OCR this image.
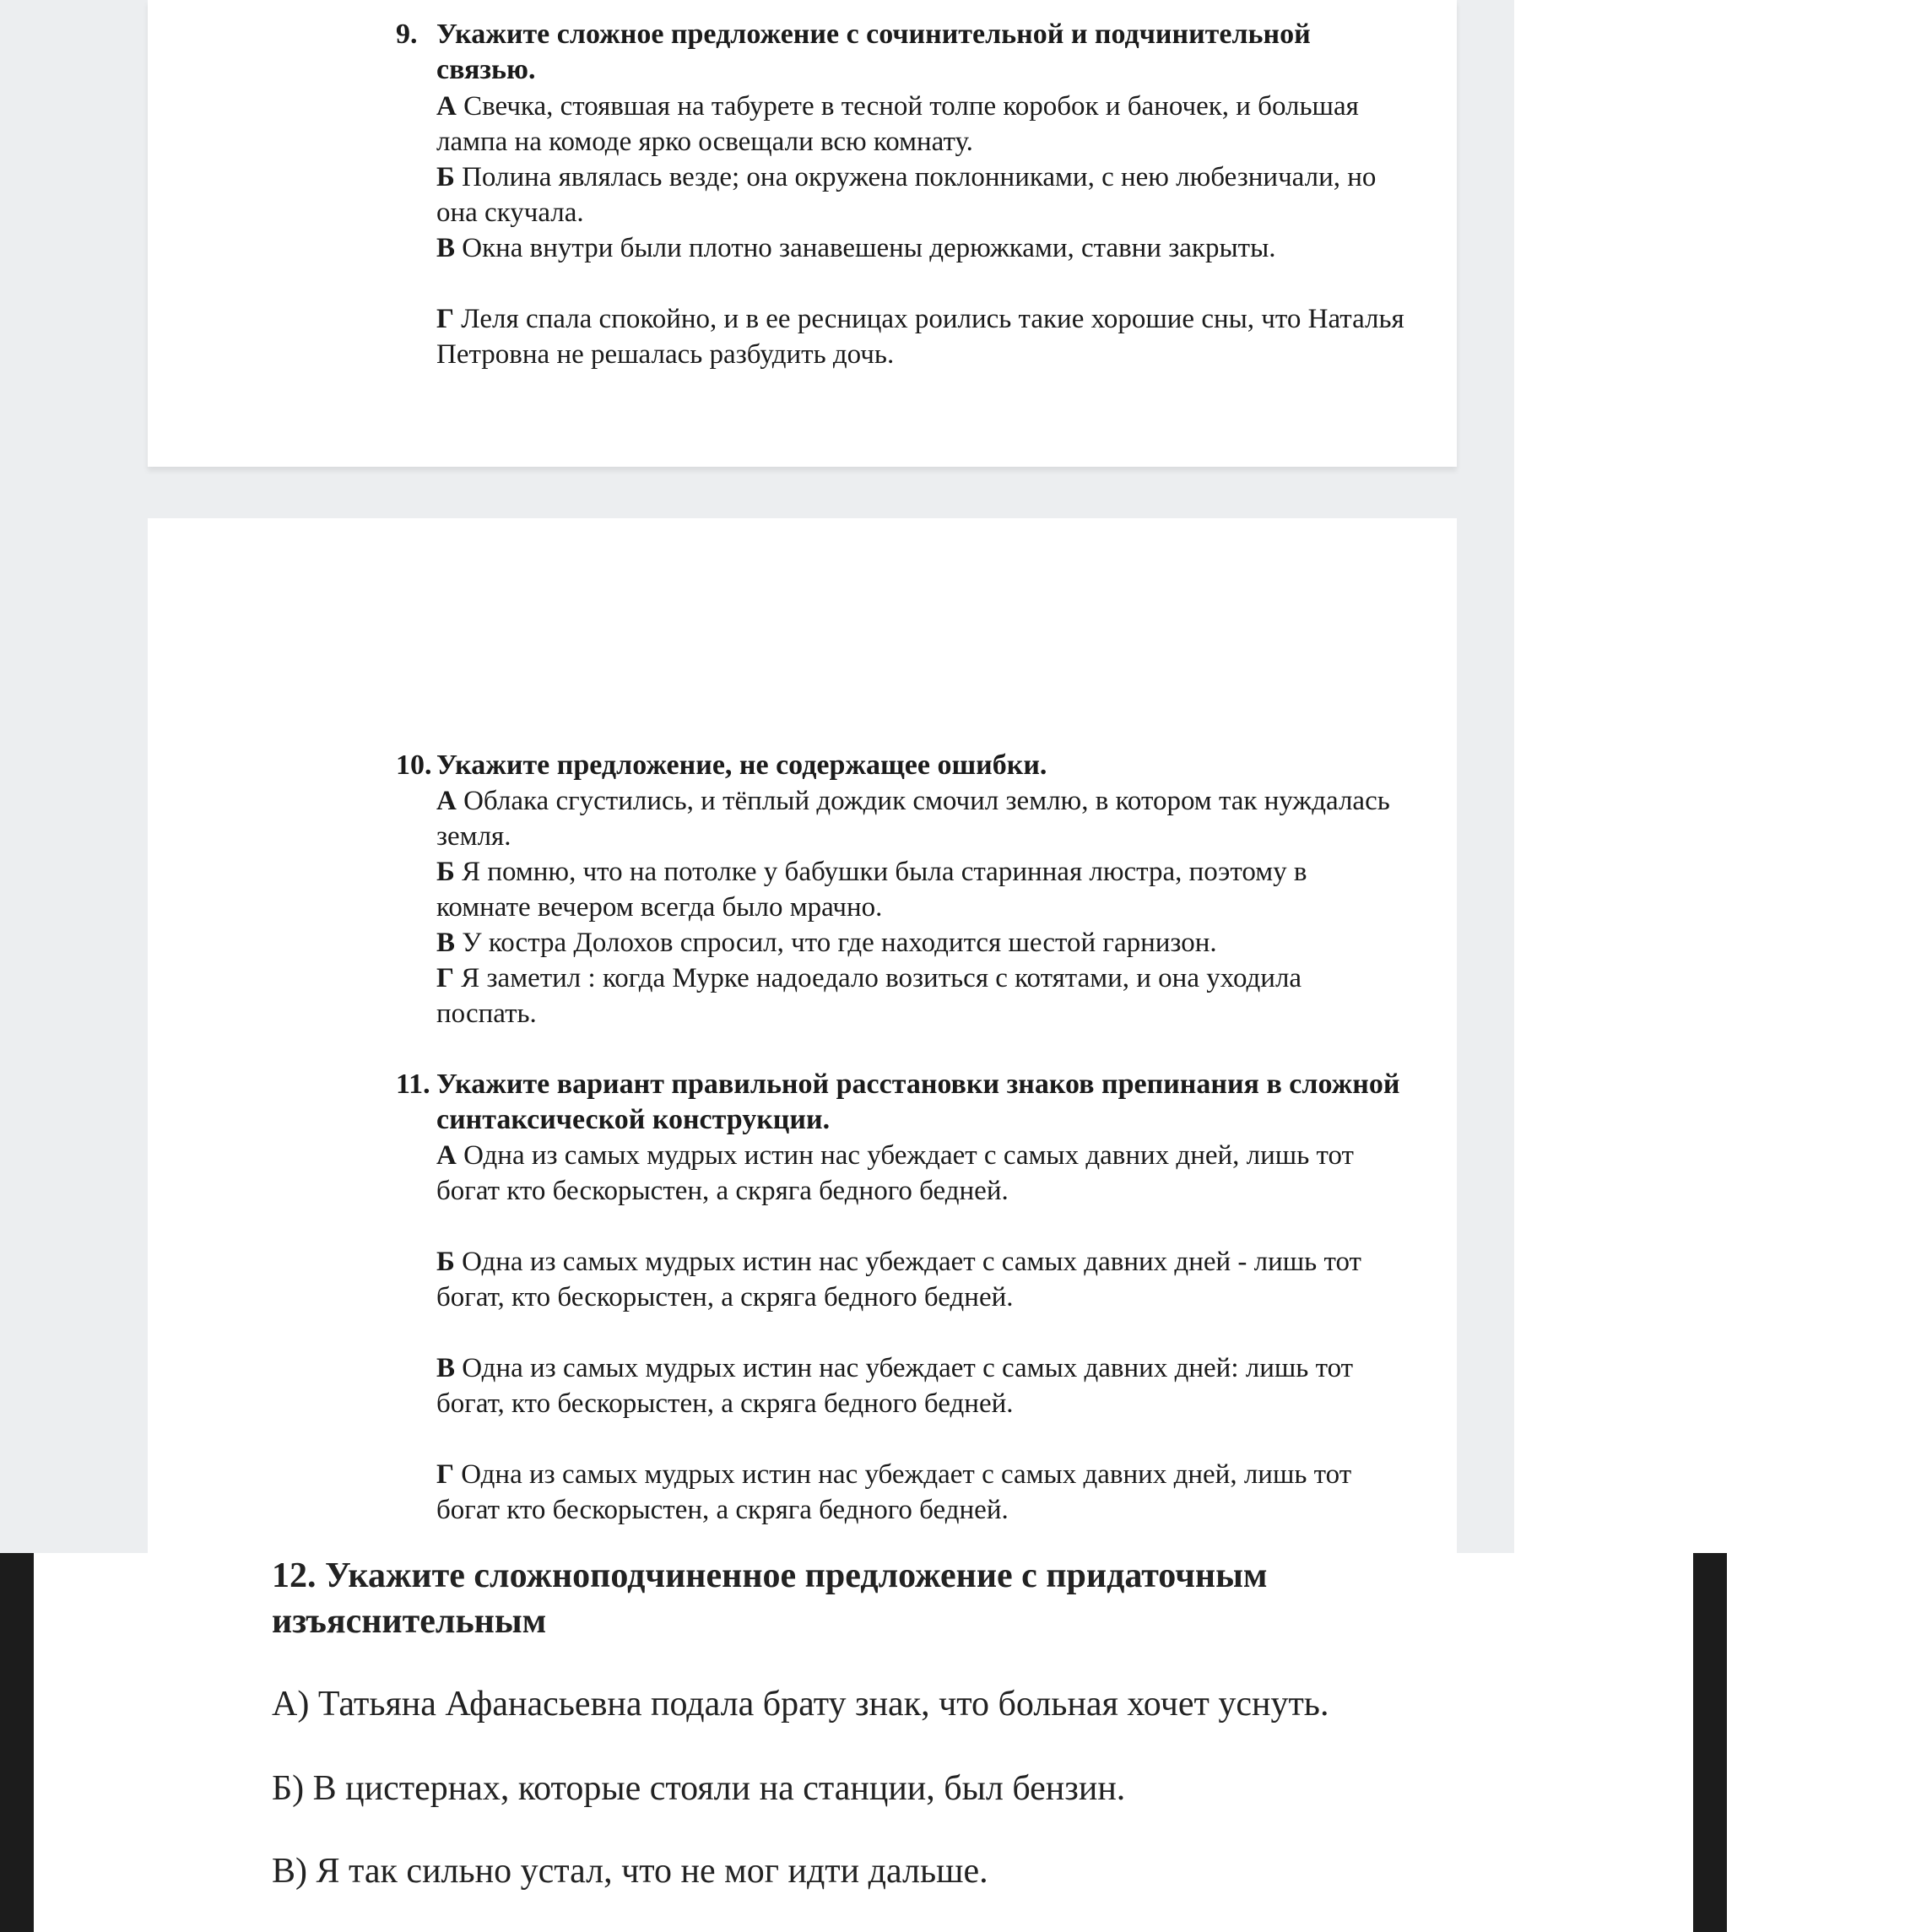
9. Укажите сложное предложение с сочинительной и подчинительной связью.
А Свечка, стоявшая на табурете в тесной толпе коробок и баночек, и большая лампа на комоде ярко освещали всю комнату.
Б Полина являлась везде; она окружена поклонниками, с нею любезничали, но она скучала.
В Окна внутри были плотно занавешены дерюжками, ставни закрыты.
Г Леля спала спокойно, и в ее ресницах роились такие хорошие сны, что Наталья Петровна не решалась разбудить дочь.
10. Укажите предложение, не содержащее ошибки.
А Облака сгустились, и тёплый дождик смочил землю, в котором так нуждалась земля.
Б Я помню, что на потолке у бабушки была старинная люстра, поэтому в комнате вечером всегда было мрачно.
В У костра Долохов спросил, что где находится шестой гарнизон.
Г Я заметил : когда Мурке надоедало возиться с котятами, и она уходила поспать.
11. Укажите вариант правильной расстановки знаков препинания в сложной синтаксической конструкции.
А Одна из самых мудрых истин нас убеждает с самых давних дней, лишь тот богат кто бескорыстен, а скряга бедного бедней.
Б Одна из самых мудрых истин нас убеждает с самых давних дней - лишь тот богат, кто бескорыстен, а скряга бедного бедней.
В Одна из самых мудрых истин нас убеждает с самых давних дней: лишь тот богат, кто бескорыстен, а скряга бедного бедней.
Г Одна из самых мудрых истин нас убеждает с самых давних дней, лишь тот богат кто бескорыстен, а скряга бедного бедней.
12. Укажите сложноподчиненное предложение с придаточным изъяснительным
А) Татьяна Афанасьевна подала брату знак, что больная хочет уснуть.
Б) В цистернах, которые стояли на станции, был бензин.
В) Я так сильно устал, что не мог идти дальше.
